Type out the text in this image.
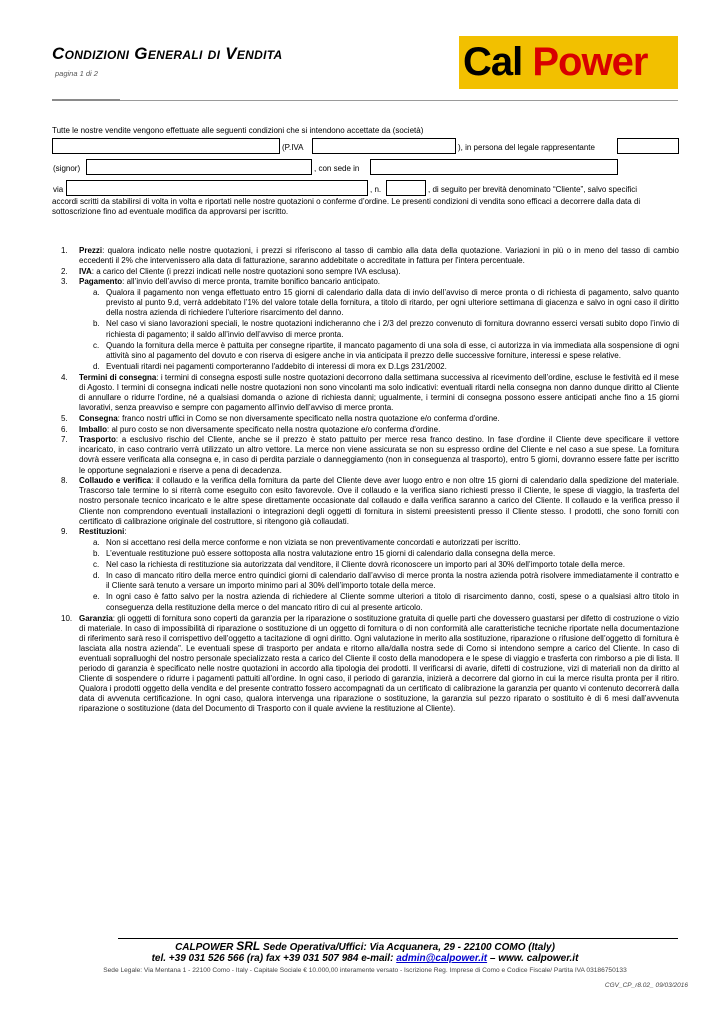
Condizioni Generali di Vendita
pagina 1 di 2	Cal Power
Tutte le nostre vendite vengono effettuate alle seguenti condizioni che si intendono accettate da (società)
(P.IVA	), in persona del legale rappresentante
(signor)	, con sede in
via	, n.	, di seguito per brevità denominato “Cliente”, salvo specifici
accordi scritti da stabilirsi di volta in volta e riportati nelle nostre quotazioni o conferme d’ordine. Le presenti condizioni di vendita sono efficaci a decorrere dalla data di sottoscrizione fino ad eventuale modifica da approvarsi per iscritto.
1. Prezzi: qualora indicato nelle nostre quotazioni, i prezzi si riferiscono al tasso di cambio alla data della quotazione. Variazioni in più o in meno del tasso di cambio eccedenti il 2% che intervenissero alla data di fatturazione, saranno addebitate o accreditate in fattura per l'intera percentuale.
2. IVA: a carico del Cliente (i prezzi indicati nelle nostre quotazioni sono sempre IVA esclusa).
3. Pagamento: all’invio dell’avviso di merce pronta, tramite bonifico bancario anticipato.
a. Qualora il pagamento non venga effettuato entro 15 giorni di calendario dalla data di invio dell’avviso di merce pronta o di richiesta di pagamento, salvo quanto previsto al punto 9.d, verrà addebitato l’1% del valore totale della fornitura, a titolo di ritardo, per ogni ulteriore settimana di giacenza e salvo in ogni caso il diritto della nostra azienda di richiedere l’ulteriore risarcimento del danno.
b. Nel caso vi siano lavorazioni speciali, le nostre quotazioni indicheranno che i 2/3 del prezzo convenuto di fornitura dovranno esserci versati subito dopo l’invio di richiesta di pagamento; il saldo all’invio dell’avviso di merce pronta.
c. Quando la fornitura della merce è pattuita per consegne ripartite, il mancato pagamento di una sola di esse, ci autorizza in via immediata alla sospensione di ogni attività sino al pagamento del dovuto e con riserva di esigere anche in via anticipata il prezzo delle successive forniture, interessi e spese relative.
d. Eventuali ritardi nei pagamenti comporteranno l'addebito di interessi di mora ex D.Lgs 231/2002.
4. Termini di consegna: i termini di consegna esposti sulle nostre quotazioni decorrono dalla settimana successiva al ricevimento dell’ordine, escluse le festività ed il mese di Agosto. I termini di consegna indicati nelle nostre quotazioni non sono vincolanti ma solo indicativi: eventuali ritardi nella consegna non danno dunque diritto al Cliente di annullare o ridurre l'ordine, né a qualsiasi domanda o azione di richiesta danni; ugualmente, i termini di consegna possono essere anticipati anche fino a 15 giorni lavorativi, senza preavviso e sempre con pagamento all’invio dell’avviso di merce pronta.
5. Consegna: franco nostri uffici in Como se non diversamente specificato nella nostra quotazione e/o conferma d'ordine.
6. Imballo: al puro costo se non diversamente specificato nella nostra quotazione e/o conferma d'ordine.
7. Trasporto: a esclusivo rischio del Cliente, anche se il prezzo è stato pattuito per merce resa franco destino. In fase d'ordine il Cliente deve specificare il vettore incaricato, in caso contrario verrà utilizzato un altro vettore. La merce non viene assicurata se non su espresso ordine del Cliente e nel caso a sue spese. La fornitura dovrà essere verificata alla consegna e, in caso di perdita parziale o danneggiamento (non in conseguenza al trasporto), entro 5 giorni, dovranno essere fatte per iscritto le opportune segnalazioni e riserve a pena di decadenza.
8. Collaudo e verifica: il collaudo e la verifica della fornitura da parte del Cliente deve aver luogo entro e non oltre 15 giorni di calendario dalla spedizione del materiale. Trascorso tale termine lo si riterrà come eseguito con esito favorevole. Ove il collaudo e la verifica siano richiesti presso il Cliente, le spese di viaggio, la trasferta del nostro personale tecnico incaricato e le altre spese direttamente occasionate dal collaudo e dalla verifica saranno a carico del Cliente. Il collaudo e la verifica presso il Cliente non comprendono eventuali installazioni o integrazioni degli oggetti di fornitura in sistemi preesistenti presso il Cliente stesso. I prodotti, che sono forniti con certificato di calibrazione originale del costruttore, si ritengono già collaudati.
9. Restituzioni:
a. Non si accettano resi della merce conforme e non viziata se non preventivamente concordati e autorizzati per iscritto.
b. L’eventuale restituzione può essere sottoposta alla nostra valutazione entro 15 giorni di calendario dalla consegna della merce.
c. Nel caso la richiesta di restituzione sia autorizzata dal venditore, il Cliente dovrà riconoscere un importo pari al 30% dell’importo totale della merce.
d. In caso di mancato ritiro della merce entro quindici giorni di calendario dall’avviso di merce pronta la nostra azienda potrà risolvere immediatamente il contratto e il Cliente sarà tenuto a versare un importo minimo pari al 30% dell’importo totale della merce.
e. In ogni caso è fatto salvo per la nostra azienda di richiedere al Cliente somme ulteriori a titolo di risarcimento danno, costi, spese o a qualsiasi altro titolo in conseguenza della restituzione della merce o del mancato ritiro di cui al presente articolo.
10. Garanzia: gli oggetti di fornitura sono coperti da garanzia per la riparazione o sostituzione gratuita di quelle parti che dovessero guastarsi per difetto di costruzione o vizio di materiale. In caso di impossibilità di riparazione o sostituzione di un oggetto di fornitura o di non conformità alle caratteristiche tecniche riportate nella documentazione di riferimento sarà reso il corrispettivo dell’oggetto a tacitazione di ogni diritto. Ogni valutazione in merito alla sostituzione, riparazione o rifusione dell’oggetto di fornitura è lasciata alla nostra azienda". Le eventuali spese di trasporto per andata e ritorno alla/dalla nostra sede di Como si intendono sempre a carico del Cliente. In caso di eventuali sopralluoghi del nostro personale specializzato resta a carico del Cliente il costo della manodopera e le spese di viaggio e trasferta con rimborso a pie di lista. Il periodo di garanzia è specificato nelle nostre quotazioni in accordo alla tipologia dei prodotti. Il verificarsi di avarie, difetti di costruzione, vizi di materiali non da diritto al Cliente di sospendere o ridurre i pagamenti pattuiti all'ordine. In ogni caso, il periodo di garanzia, inizierà a decorrere dal giorno in cui la merce risulta pronta per il ritiro. Qualora i prodotti oggetto della vendita e del presente contratto fossero accompagnati da un certificato di calibrazione la garanzia per quanto vi contenuto decorrerà dalla data di avvenuta certificazione. In ogni caso, qualora intervenga una riparazione o sostituzione, la garanzia sul pezzo riparato o sostituito è di 6 mesi dall’avvenuta riparazione o sostituzione (data del Documento di Trasporto con il quale avviene la restituzione al Cliente).
CALPOWER SRL Sede Operativa/Uffici: Via Acquanera, 29 - 22100 COMO (Italy)
tel. +39 031 526 566 (ra) fax +39 031 507 984 e-mail: admin@calpower.it – www. calpower.it
Sede Legale: Via Mentana 1 - 22100 Como - Italy - Capitale Sociale € 10.000,00 interamente versato - Iscrizione Reg. Imprese di Como e Codice Fiscale/ Partita IVA 03186750133
CGV_CP_r8.02_ 09/03/2016
